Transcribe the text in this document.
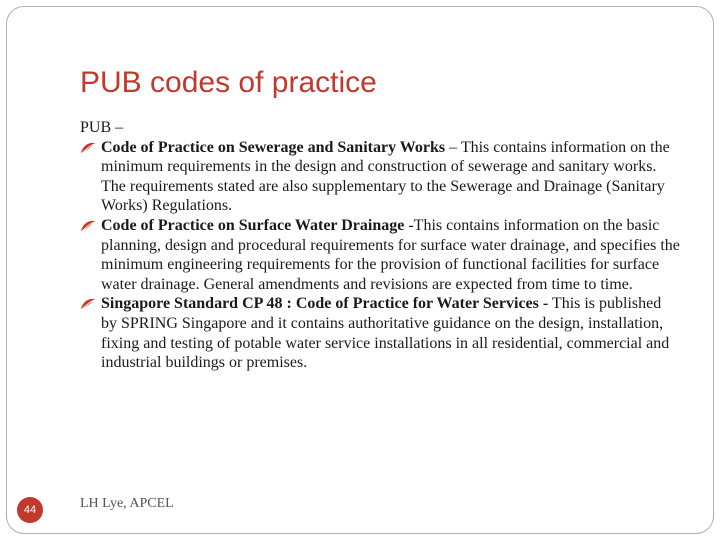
PUB codes of practice
PUB –
Code of Practice on Sewerage and Sanitary Works – This contains information on the minimum requirements in the design and construction of sewerage and sanitary works. The requirements stated are also supplementary to the Sewerage and Drainage (Sanitary Works) Regulations.
Code of Practice on Surface Water Drainage -This contains information on the basic planning, design and procedural requirements for surface water drainage, and specifies the minimum engineering requirements for the provision of functional facilities for surface water drainage. General amendments and revisions are expected from time to time.
Singapore Standard CP 48 : Code of Practice for Water Services - This is published by SPRING Singapore and it contains authoritative guidance on the design, installation, fixing and testing of potable water service installations in all residential, commercial and industrial buildings or premises.
44	LH Lye, APCEL
